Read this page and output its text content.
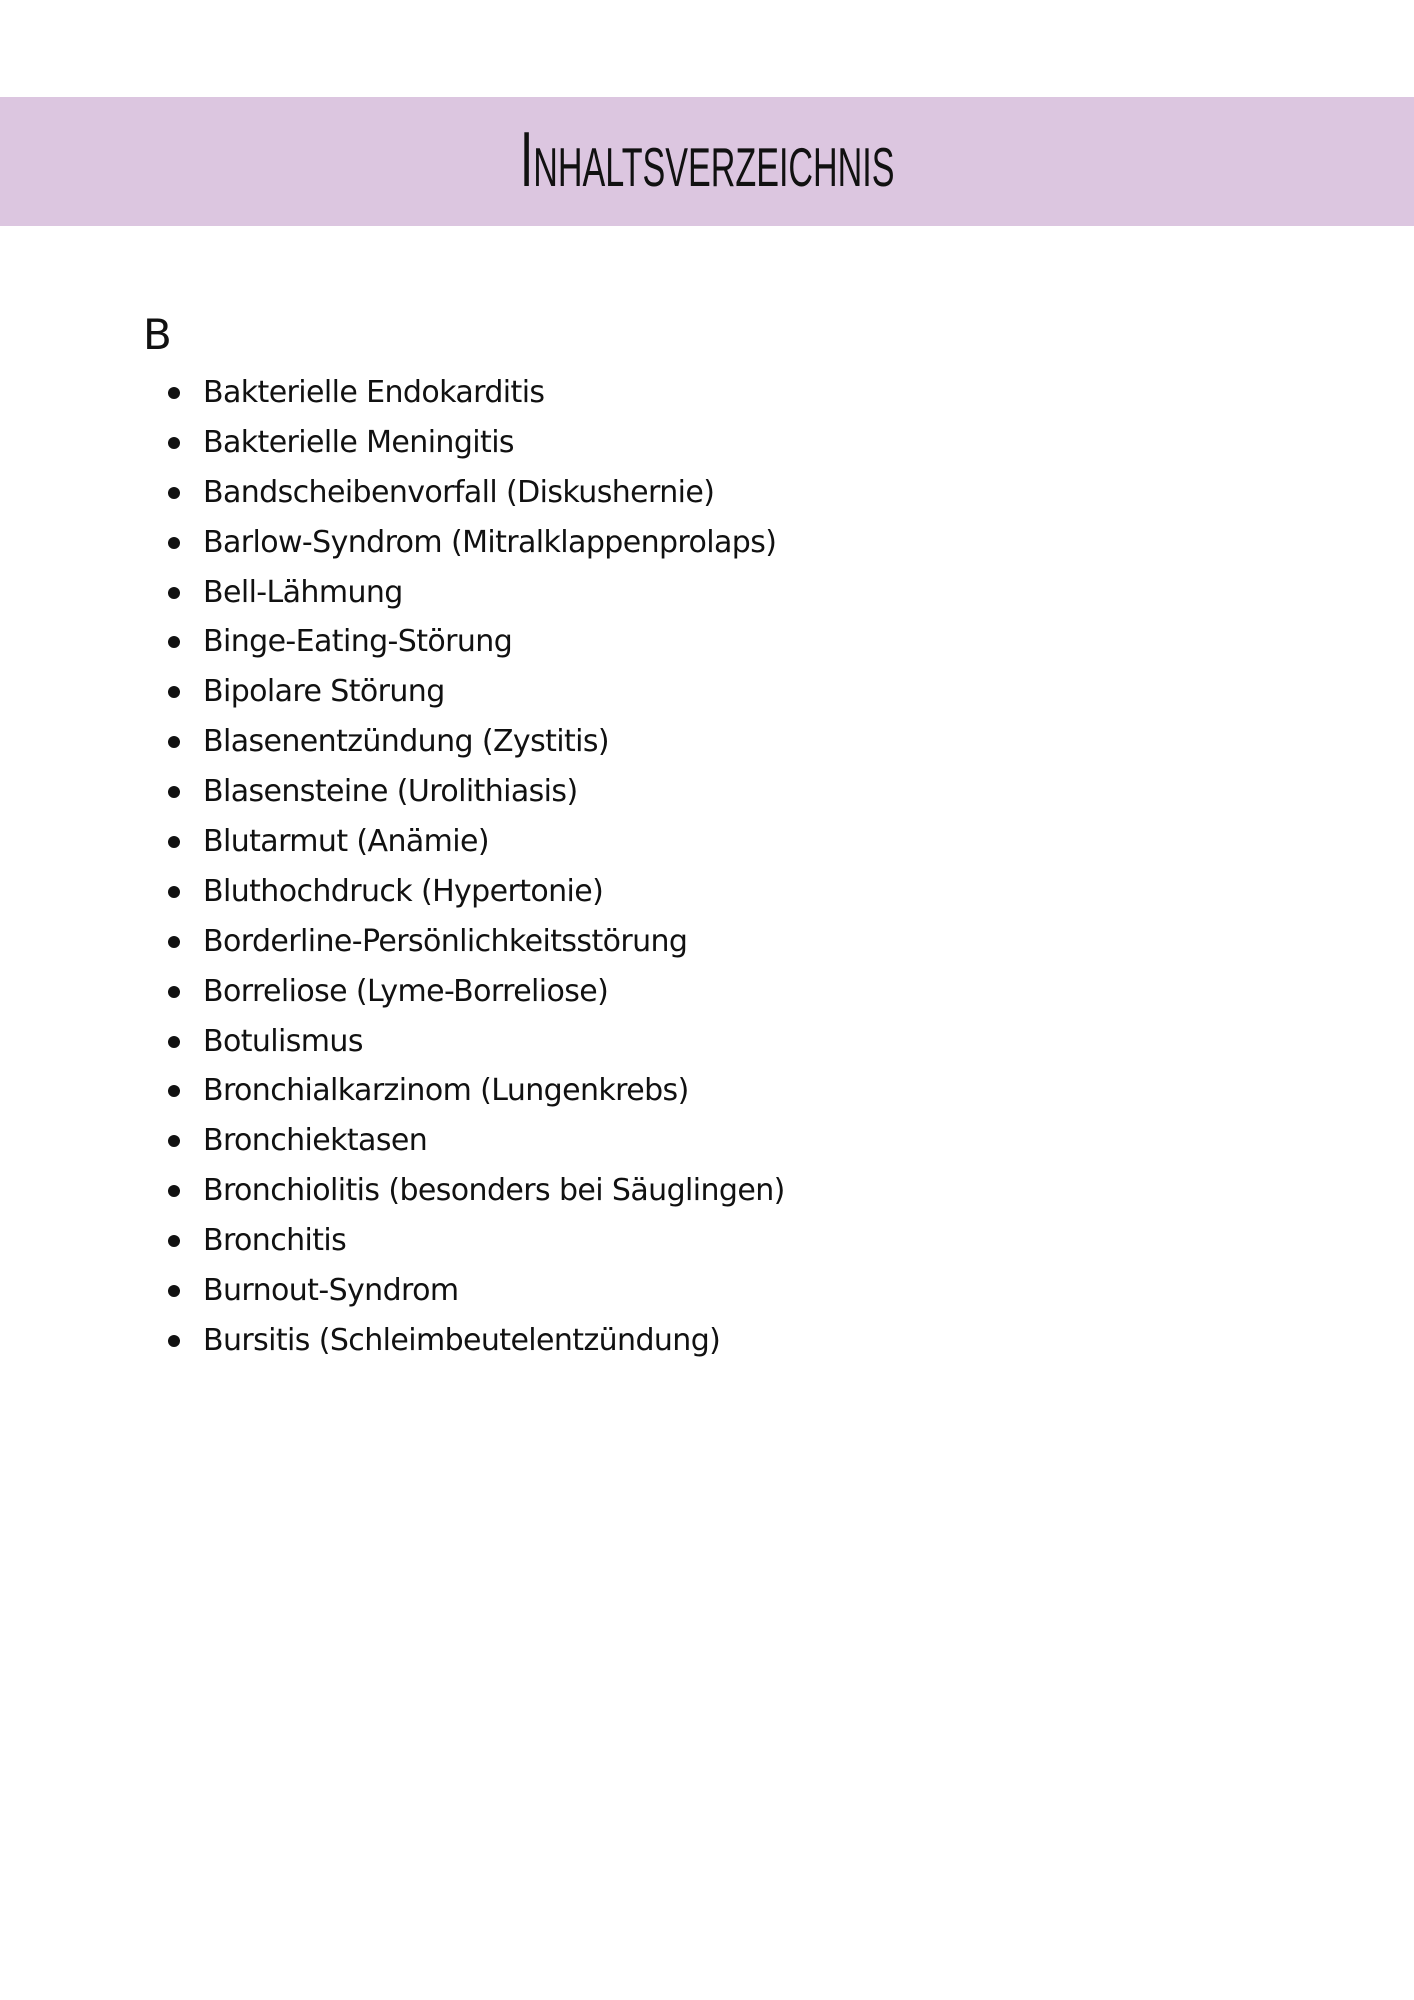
Inhaltsverzeichnis
B
Bakterielle Endokarditis
Bakterielle Meningitis
Bandscheibenvorfall (Diskushernie)
Barlow-Syndrom (Mitralklappenprolaps)
Bell-Lähmung
Binge-Eating-Störung
Bipolare Störung
Blasenentzündung (Zystitis)
Blasensteine (Urolithiasis)
Blutarmut (Anämie)
Bluthochdruck (Hypertonie)
Borderline-Persönlichkeitsstörung
Borreliose (Lyme-Borreliose)
Botulismus
Bronchialkarzinom (Lungenkrebs)
Bronchiektasen
Bronchiolitis (besonders bei Säuglingen)
Bronchitis
Burnout-Syndrom
Bursitis (Schleimbeutelentzündung)
